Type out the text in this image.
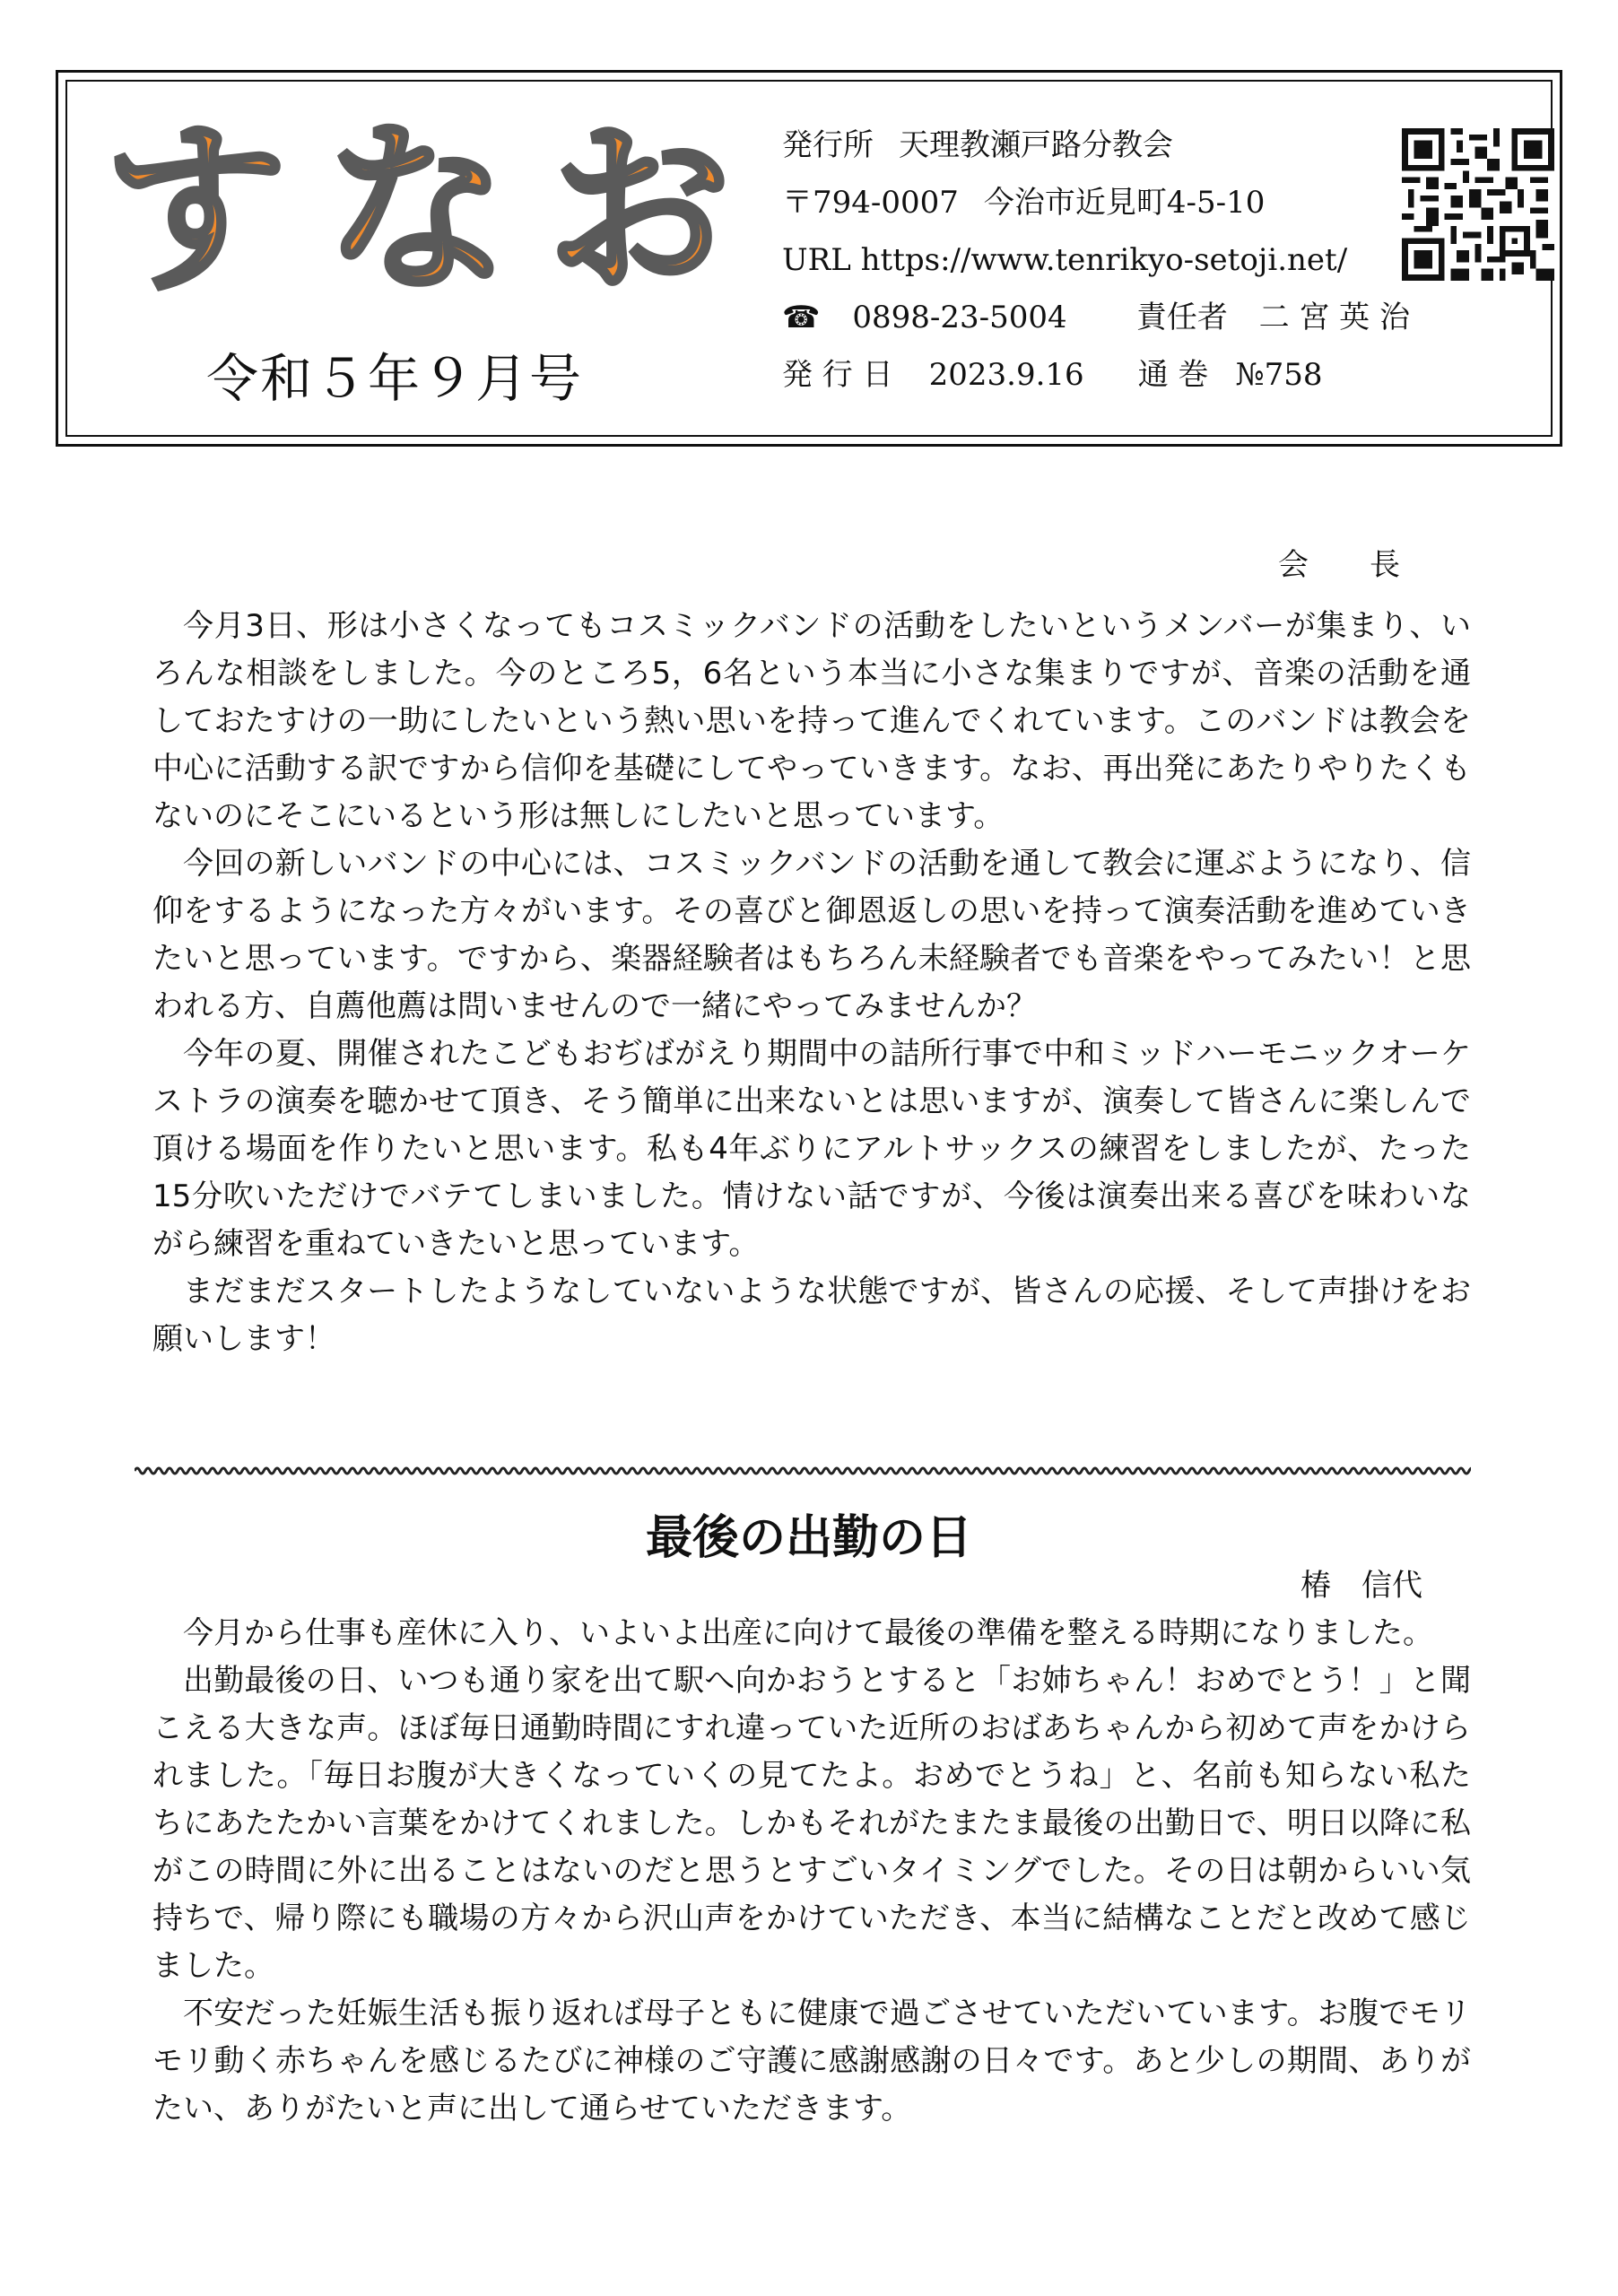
す な お
令和５年９月号
発行所 天理教瀬戸路分教会
〒794-0007 今治市近見町4-5-10
URL https://www.tenrikyo-setoji.net/
☎ 0898-23-5004 責任者 二 宮 英 治
発 行 日 2023.9.16 通 巻 №758
会　　長

今月3日、形は小さくなってもコスミックバンドの活動をしたいというメンバーが集まり、いろんな相談をしました。今のところ5，6名という本当に小さな集まりですが、音楽の活動を通しておたすけの一助にしたいという熱い思いを持って進んでくれています。このバンドは教会を中心に活動する訳ですから信仰を基礎にしてやっていきます。なお、再出発にあたりやりたくもないのにそこにいるという形は無しにしたいと思っています。

今回の新しいバンドの中心には、コスミックバンドの活動を通して教会に運ぶようになり、信仰をするようになった方々がいます。その喜びと御恩返しの思いを持って演奏活動を進めていきたいと思っています。ですから、楽器経験者はもちろん未経験者でも音楽をやってみたい！と思われる方、自薦他薦は問いませんので一緒にやってみませんか？

今年の夏、開催されたこどもおぢばがえり期間中の詰所行事で中和ミッドハーモニックオーケストラの演奏を聴かせて頂き、そう簡単に出来ないとは思いますが、演奏して皆さんに楽しんで頂ける場面を作りたいと思います。私も4年ぶりにアルトサックスの練習をしましたが、たった15分吹いただけでバテてしまいました。情けない話ですが、今後は演奏出来る喜びを味わいながら練習を重ねていきたいと思っています。

まだまだスタートしたようなしていないような状態ですが、皆さんの応援、そして声掛けをお願いします！

最後の出勤の日
椿　信代

今月から仕事も産休に入り、いよいよ出産に向けて最後の準備を整える時期になりました。

出勤最後の日、いつも通り家を出て駅へ向かおうとすると「お姉ちゃん！おめでとう！」と聞こえる大きな声。ほぼ毎日通勤時間にすれ違っていた近所のおばあちゃんから初めて声をかけられました。「毎日お腹が大きくなっていくの見てたよ。おめでとうね」と、名前も知らない私たちにあたたかい言葉をかけてくれました。しかもそれがたまたま最後の出勤日で、明日以降に私がこの時間に外に出ることはないのだと思うとすごいタイミングでした。その日は朝からいい気持ちで、帰り際にも職場の方々から沢山声をかけていただき、本当に結構なことだと改めて感じました。

不安だった妊娠生活も振り返れば母子ともに健康で過ごさせていただいています。お腹でモリモリ動く赤ちゃんを感じるたびに神様のご守護に感謝感謝の日々です。あと少しの期間、ありがたい、ありがたいと声に出して通らせていただきます。
